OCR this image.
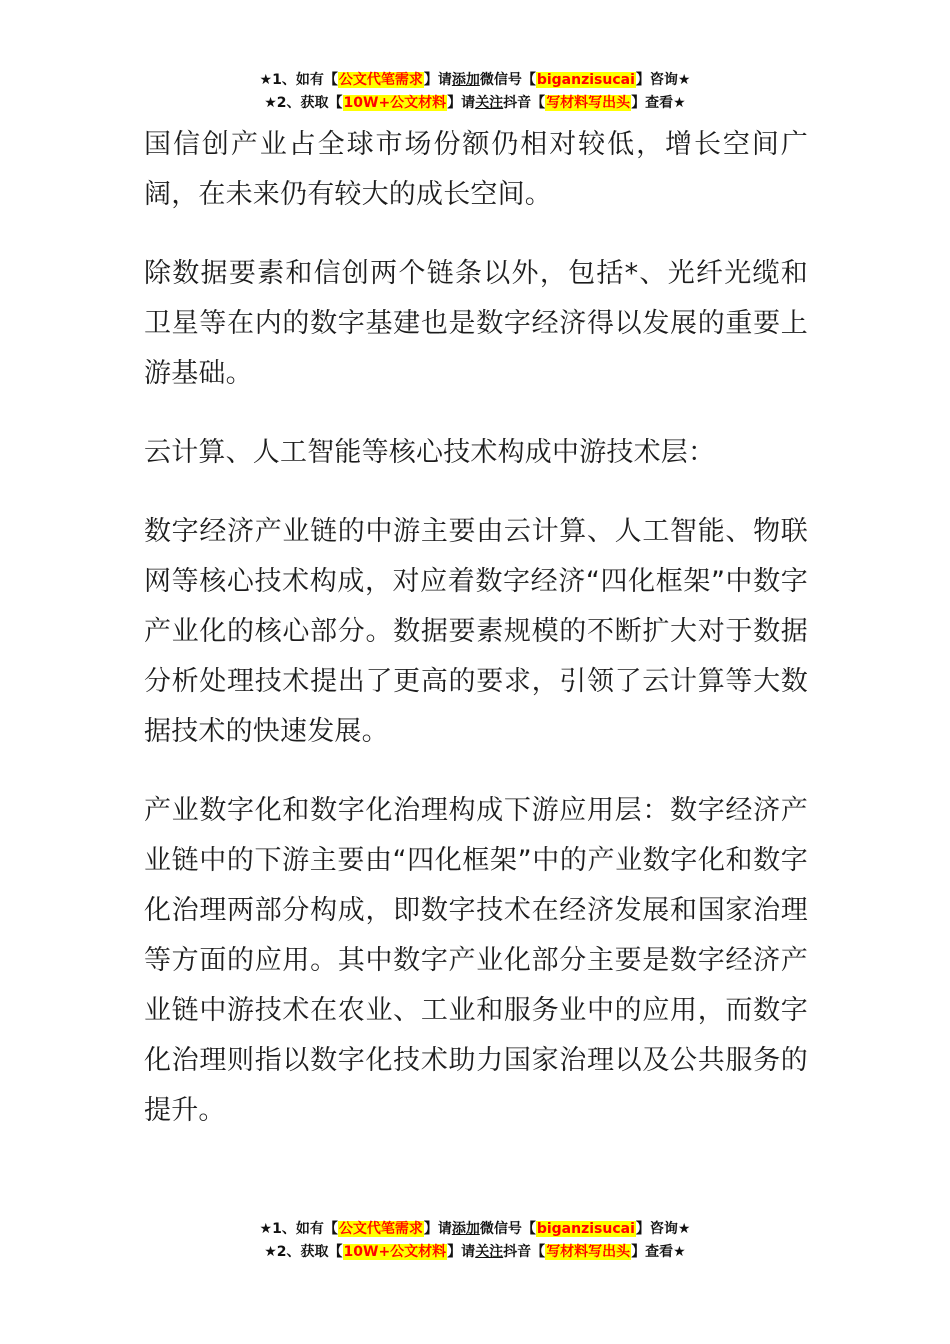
★1、如有【公文代笔需求】请添加微信号【biganzisucai】咨询★
★2、获取【10W+公文材料】请关注抖音【写材料写出头】查看★

国信创产业占全球市场份额仍相对较低，增长空间广阔，在未来仍有较大的成长空间。

除数据要素和信创两个链条以外，包括*、光纤光缆和卫星等在内的数字基建也是数字经济得以发展的重要上游基础。

云计算、人工智能等核心技术构成中游技术层：

数字经济产业链的中游主要由云计算、人工智能、物联网等核心技术构成，对应着数字经济“四化框架”中数字产业化的核心部分。数据要素规模的不断扩大对于数据分析处理技术提出了更高的要求，引领了云计算等大数据技术的快速发展。

产业数字化和数字化治理构成下游应用层：数字经济产业链中的下游主要由“四化框架”中的产业数字化和数字化治理两部分构成，即数字技术在经济发展和国家治理等方面的应用。其中数字产业化部分主要是数字经济产业链中游技术在农业、工业和服务业中的应用，而数字化治理则指以数字化技术助力国家治理以及公共服务的提升。

★1、如有【公文代笔需求】请添加微信号【biganzisucai】咨询★
★2、获取【10W+公文材料】请关注抖音【写材料写出头】查看★
